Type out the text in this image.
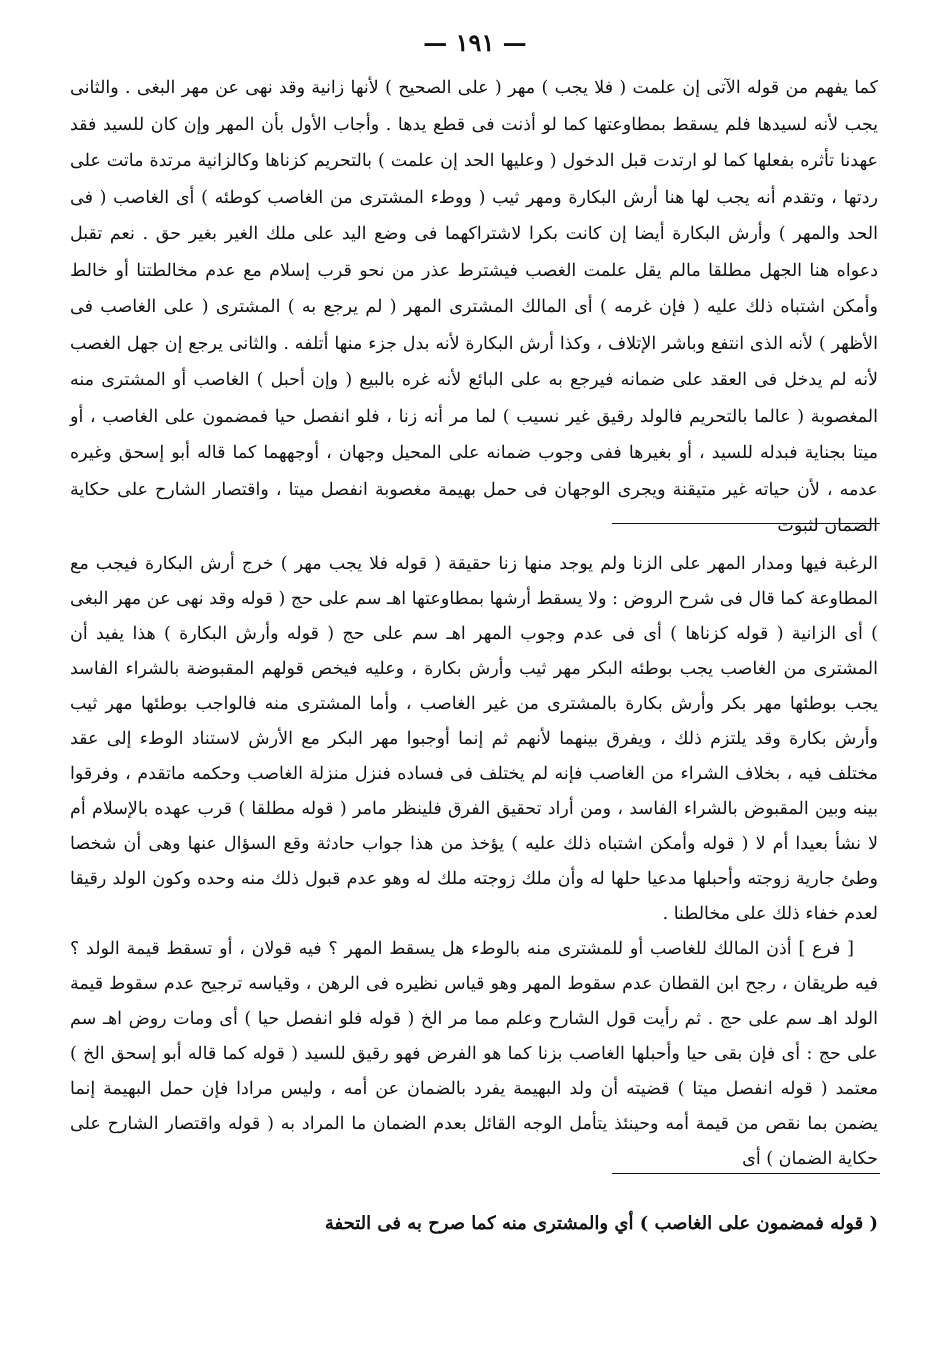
— ١٩١ —

كما يفهم من قوله الآتى إن علمت ( فلا يجب ) مهر ( على الصحيح ) لأنها زانية وقد نهى عن مهر البغى . والثانى يجب لأنه لسيدها فلم يسقط بمطاوعتها كما لو أذنت فى قطع يدها . وأجاب الأول بأن المهر وإن كان للسيد فقد عهدنا تأثره بفعلها كما لو ارتدت قبل الدخول ( وعليها الحد إن علمت ) بالتحريم كزناها وكالزانية مرتدة ماتت على ردتها ، وتقدم أنه يجب لها هنا أرش البكارة ومهر ثيب ( ووطء المشترى من الغاصب كوطئه ) أى الغاصب ( فى الحد والمهر ) وأرش البكارة أيضا إن كانت بكرا لاشتراكهما فى وضع اليد على ملك الغير بغير حق . نعم تقبل دعواه هنا الجهل مطلقا مالم يقل علمت الغصب فيشترط عذر من نحو قرب إسلام مع عدم مخالطتنا أو خالط وأمكن اشتباه ذلك عليه ( فإن غرمه ) أى المالك المشترى المهر ( لم يرجع به ) المشترى ( على الغاصب فى الأظهر ) لأنه الذى انتفع وباشر الإتلاف ، وكذا أرش البكارة لأنه بدل جزء منها أتلفه . والثانى يرجع إن جهل الغصب لأنه لم يدخل فى العقد على ضمانه فيرجع به على البائع لأنه غره بالبيع ( وإن أحبل ) الغاصب أو المشترى منه المغصوبة ( عالما بالتحريم فالولد رقيق غير نسيب ) لما مر أنه زنا ، فلو انفصل حيا فمضمون على الغاصب ، أو ميتا بجناية فبدله للسيد ، أو بغيرها ففى وجوب ضمانه على المحيل وجهان ، أوجههما كما قاله أبو إسحق وغيره عدمه ، لأن حياته غير متيقنة ويجرى الوجهان فى حمل بهيمة مغصوبة انفصل ميتا ، واقتصار الشارح على حكاية الضمان لثبوت

الرغبة فيها ومدار المهر على الزنا ولم يوجد منها زنا حقيقة ( قوله فلا يجب مهر ) خرج أرش البكارة فيجب مع المطاوعة كما قال فى شرح الروض : ولا يسقط أرشها بمطاوعتها اهـ سم على حج ( قوله وقد نهى عن مهر البغى ) أى الزانية ( قوله كزناها ) أى فى عدم وجوب المهر اهـ سم على حج ( قوله وأرش البكارة ) هذا يفيد أن المشترى من الغاصب يجب بوطئه البكر مهر ثيب وأرش بكارة ، وعليه فيخص قولهم المقبوضة بالشراء الفاسد يجب بوطئها مهر بكر وأرش بكارة بالمشترى من غير الغاصب ، وأما المشترى منه فالواجب بوطئها مهر ثيب وأرش بكارة وقد يلتزم ذلك ، ويفرق بينهما لأنهم ثم إنما أوجبوا مهر البكر مع الأرش لاستناد الوطء إلى عقد مختلف فيه ، بخلاف الشراء من الغاصب فإنه لم يختلف فى فساده فنزل منزلة الغاصب وحكمه ماتقدم ، وفرقوا بينه وبين المقبوض بالشراء الفاسد ، ومن أراد تحقيق الفرق فلينظر مامر ( قوله مطلقا ) قرب عهده بالإسلام أم لا نشأ بعيدا أم لا ( قوله وأمكن اشتباه ذلك عليه ) يؤخذ من هذا جواب حادثة وقع السؤال عنها وهى أن شخصا وطئ جارية زوجته وأحبلها مدعيا حلها له وأن ملك زوجته ملك له وهو عدم قبول ذلك منه وحده وكون الولد رقيقا لعدم خفاء ذلك على مخالطنا .

[ فرع ] أذن المالك للغاصب أو للمشترى منه بالوطء هل يسقط المهر ؟ فيه قولان ، أو تسقط قيمة الولد ؟ فيه طريقان ، رجح ابن القطان عدم سقوط المهر وهو قياس نظيره فى الرهن ، وقياسه ترجيح عدم سقوط قيمة الولد اهـ سم على حج . ثم رأيت قول الشارح وعلم مما مر الخ ( قوله فلو انفصل حيا ) أى ومات روض اهـ سم على حج : أى فإن بقى حيا وأحبلها الغاصب بزنا كما هو الفرض فهو رقيق للسيد ( قوله كما قاله أبو إسحق الخ ) معتمد ( قوله انفصل ميتا ) قضيته أن ولد البهيمة يفرد بالضمان عن أمه ، وليس مرادا فإن حمل البهيمة إنما يضمن بما نقص من قيمة أمه وحينئذ يتأمل الوجه القائل بعدم الضمان ما المراد به ( قوله واقتصار الشارح على حكاية الضمان ) أى

( قوله فمضمون على الغاصب ) أي والمشترى منه كما صرح به فى التحفة
